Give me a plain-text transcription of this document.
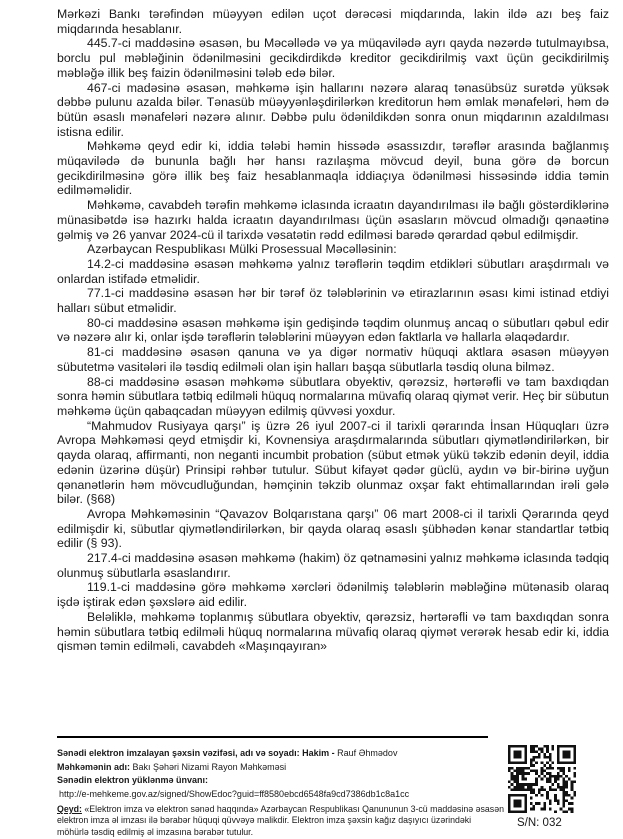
Mərkəzi Bankı tərəfindən müəyyən edilən uçot dərəcəsi miqdarında, lakin ildə azı beş faiz miqdarında hesablanır.

445.7-ci maddəsinə əsasən, bu Məcəllədə və ya müqavilədə ayrı qayda nəzərdə tutulmayıbsa, borclu pul məbləğinin ödənilməsini gecikdirdikdə kreditor gecikdirilmiş vaxt üçün gecikdirilmiş məbləğə illik beş faizin ödənilməsini tələb edə bilər.

467-ci madəsinə əsasən, məhkəmə işin hallarını nəzərə alaraq tənasübsüz surətdə yüksək dəbbə pulunu azalda bilər. Tənasüb müəyyənləşdirilərkən kreditorun həm əmlak mənafeləri, həm də bütün əsaslı mənafeləri nəzərə alınır. Dəbbə pulu ödənildikdən sonra onun miqdarının azaldılması istisna edilir.

Məhkəmə qeyd edir ki, iddia tələbi həmin hissədə əsassızdır, tərəflər arasında bağlanmış müqavilədə də bununla bağlı hər hansı razılaşma mövcud deyil, buna görə də borcun gecikdirilməsinə görə illik beş faiz hesablanmaqla iddiaçıya ödənilməsi hissəsində iddia təmin edilməməlidir.

Məhkəmə, cavabdeh tərəfin məhkəmə iclasında icraatın dayandırılması ilə bağlı göstərdiklərinə münasibətdə isə hazırkı halda icraatın dayandırılması üçün əsasların mövcud olmadığı qənaətinə gəlmiş və 26 yanvar 2024-cü il tarixdə vəsatətin rədd edilməsi barədə qərardad qəbul edilmişdir.

Azərbaycan Respublikası Mülki Prosessual Məcəlləsinin:

14.2-ci maddəsinə əsasən məhkəmə yalnız tərəflərin təqdim etdikləri sübutları araşdırmalı və onlardan istifadə etməlidir.

77.1-ci maddəsinə əsasən hər bir tərəf öz tələblərinin və etirazlarının əsası kimi istinad etdiyi halları sübut etməlidir.

80-ci maddəsinə əsasən məhkəmə işin gedişində təqdim olunmuş ancaq o sübutları qəbul edir və nəzərə alır ki, onlar işdə tərəflərin tələblərini müəyyən edən faktlarla və hallarla əlaqədardır.

81-ci maddəsinə əsasən qanuna və ya digər normativ hüquqi aktlara əsasən müəyyən sübutetmə vasitələri ilə təsdiq edilməli olan işin halları başqa sübutlarla təsdiq oluna bilməz.

88-ci maddəsinə əsasən məhkəmə sübutlara obyektiv, qərəzsiz, hərtərəfli və tam baxdıqdan sonra həmin sübutlara tətbiq edilməli hüquq normalarına müvafiq olaraq qiymət verir. Heç bir sübutun məhkəmə üçün qabaqcadan müəyyən edilmiş qüvvəsi yoxdur.

“Mahmudov Rusiyaya qarşı” iş üzrə 26 iyul 2007-ci il tarixli qərarında İnsan Hüquqları üzrə Avropa Məhkəməsi qeyd etmişdir ki, Kovnensiya araşdırmalarında sübutları qiymətləndirilərkən, bir qayda olaraq, affirmanti, non neganti incumbit probation (sübut etmək yükü təkzib edənin deyil, iddia edənin üzərinə düşür) Prinsipi rəhbər tutulur. Sübut kifayət qədər güclü, aydın və bir-birinə uyğun qənanətlərin həm mövcudluğundan, həmçinin təkzib olunmaz oxşar fakt ehtimallarından irəli gələ bilər. (§68)

Avropa Məhkəməsinin “Qavazov Bolqarıstana qarşı” 06 mart 2008-ci il tarixli Qərarında qeyd edilmişdir ki, sübutlar qiymətləndirilərkən, bir qayda olaraq əsaslı şübhədən kənar standartlar tətbiq edilir (§ 93).

217.4-ci maddəsinə əsasən məhkəmə (hakim) öz qətnaməsini yalnız məhkəmə iclasında tədqiq olunmuş sübutlarla əsaslandırır.

119.1-ci maddəsinə görə məhkəmə xərcləri ödənilmiş tələblərin məbləğinə mütənasib olaraq işdə iştirak edən şəxslərə aid edilir.

Beləliklə, məhkəmə toplanmış sübutlara obyektiv, qərəzsiz, hərtərəfli və tam baxdıqdan sonra həmin sübutlara tətbiq edilməli hüquq normalarına müvafiq olaraq qiymət verərək hesab edir ki, iddia qismən təmin edilməli, cavabdeh «Maşınqayıran»

Sənədi elektron imzalayan şəxsin vəzifəsi, adı və soyadı: Hakim - Rauf Əhmədov
Məhkəmənin adı: Bakı Şəhəri Nizami Rayon Məhkəməsi
Sənədin elektron yüklənmə ünvanı:
http://e-mehkeme.gov.az/signed/ShowEdoc?guid=ff8580ebcd6548fa9cd7386db1c8a1cc
Qeyd: «Elektron imza və elektron sənəd haqqında» Azərbaycan Respublikası Qanununun 3-cü maddəsinə əsasən elektron imza əl imzası ilə bərabər hüquqi qüvvəyə malikdir. Elektron imza şəxsin kağız daşıyıcı üzərindəki möhürlə təsdiq edilmiş əl imzasına bərabər tutulur.
S/N: 032
